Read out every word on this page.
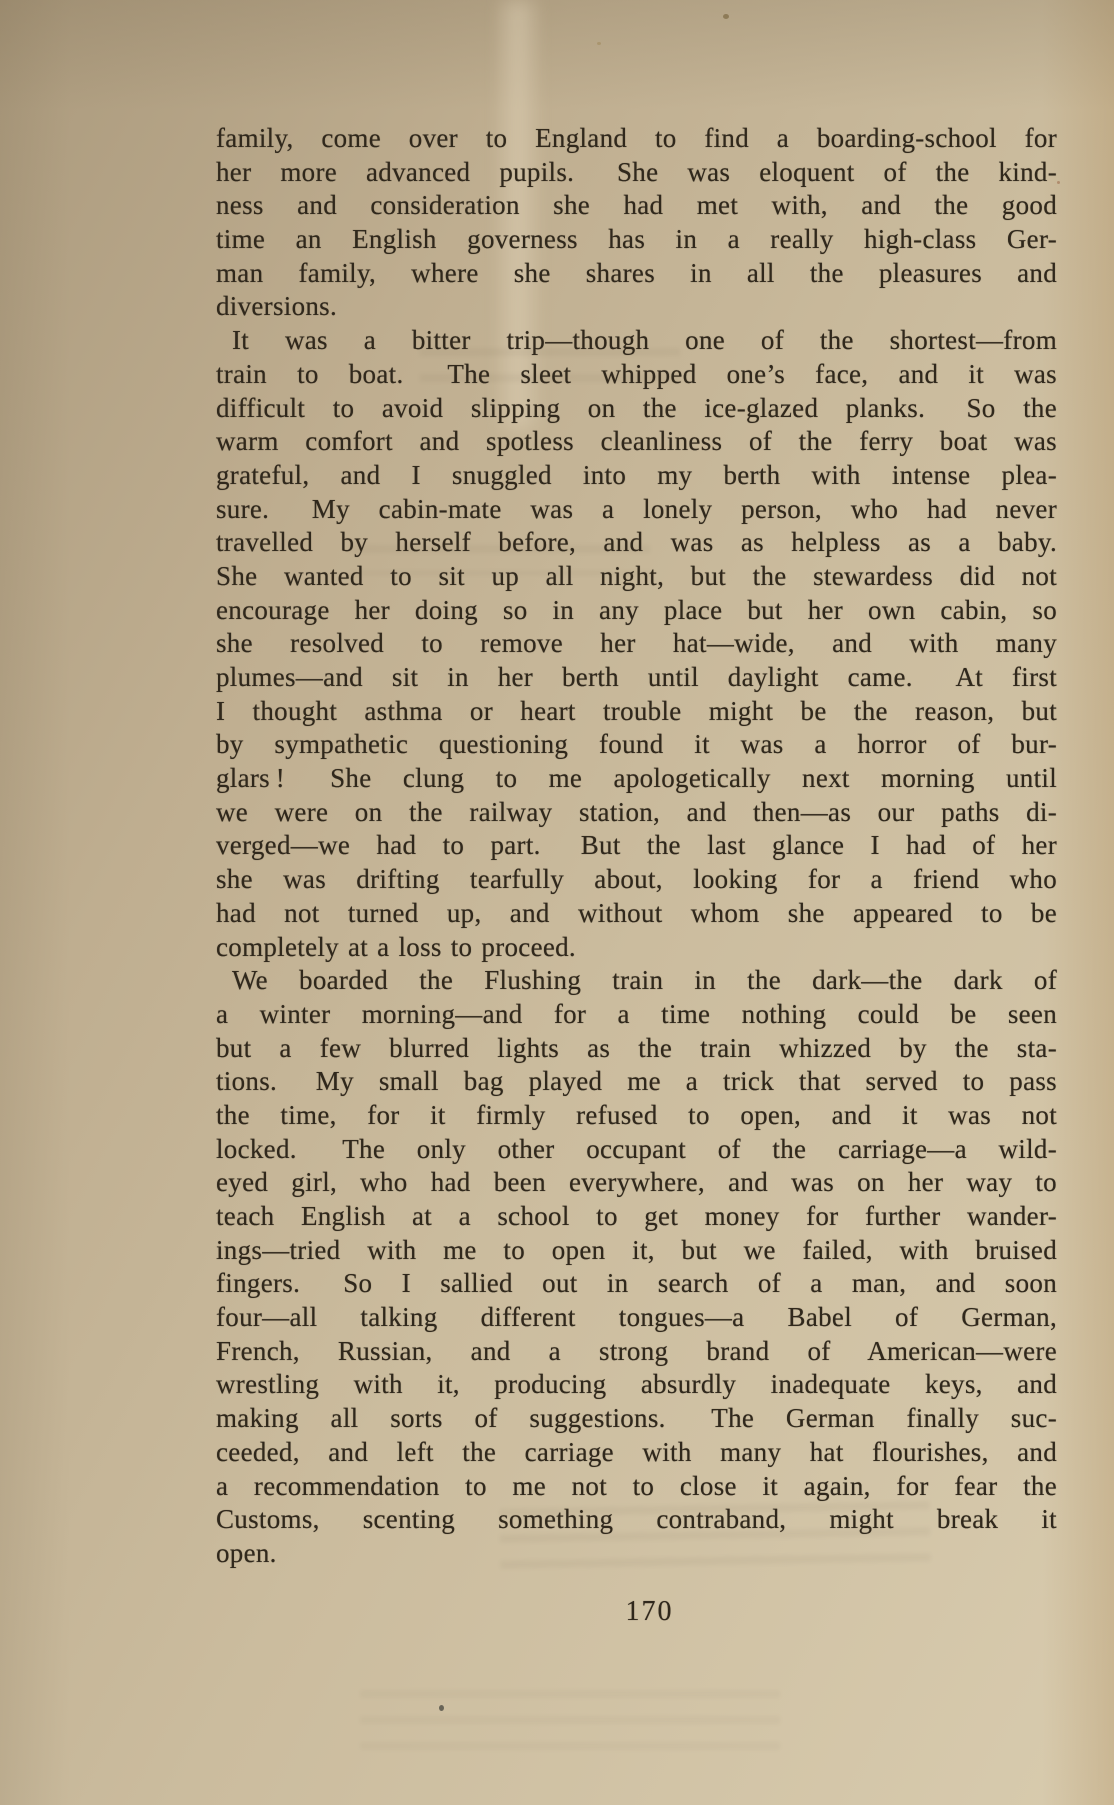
family, come over to England to find a boarding-school for
her more advanced pupils.  She was eloquent of the kind-
ness and consideration she had met with, and the good
time an English governess has in a really high-class Ger-
man family, where she shares in all the pleasures and
diversions.
It was a bitter trip—though one of the shortest—from
train to boat.  The sleet whipped one’s face, and it was
difficult to avoid slipping on the ice-glazed planks.  So the
warm comfort and spotless cleanliness of the ferry boat was
grateful, and I snuggled into my berth with intense plea-
sure.  My cabin-mate was a lonely person, who had never
travelled by herself before, and was as helpless as a baby.
She wanted to sit up all night, but the stewardess did not
encourage her doing so in any place but her own cabin, so
she resolved to remove her hat—wide, and with many
plumes—and sit in her berth until daylight came.  At first
I thought asthma or heart trouble might be the reason, but
by sympathetic questioning found it was a horror of bur-
glars !  She clung to me apologetically next morning until
we were on the railway station, and then—as our paths di-
verged—we had to part.  But the last glance I had of her
she was drifting tearfully about, looking for a friend who
had not turned up, and without whom she appeared to be
completely at a loss to proceed.
We boarded the Flushing train in the dark—the dark of
a winter morning—and for a time nothing could be seen
but a few blurred lights as the train whizzed by the sta-
tions.  My small bag played me a trick that served to pass
the time, for it firmly refused to open, and it was not
locked.  The only other occupant of the carriage—a wild-
eyed girl, who had been everywhere, and was on her way to
teach English at a school to get money for further wander-
ings—tried with me to open it, but we failed, with bruised
fingers.  So I sallied out in search of a man, and soon
four—all talking different tongues—a Babel of German,
French, Russian, and a strong brand of American—were
wrestling with it, producing absurdly inadequate keys, and
making all sorts of suggestions.  The German finally suc-
ceeded, and left the carriage with many hat flourishes, and
a recommendation to me not to close it again, for fear the
Customs, scenting something contraband, might break it
open.
170
